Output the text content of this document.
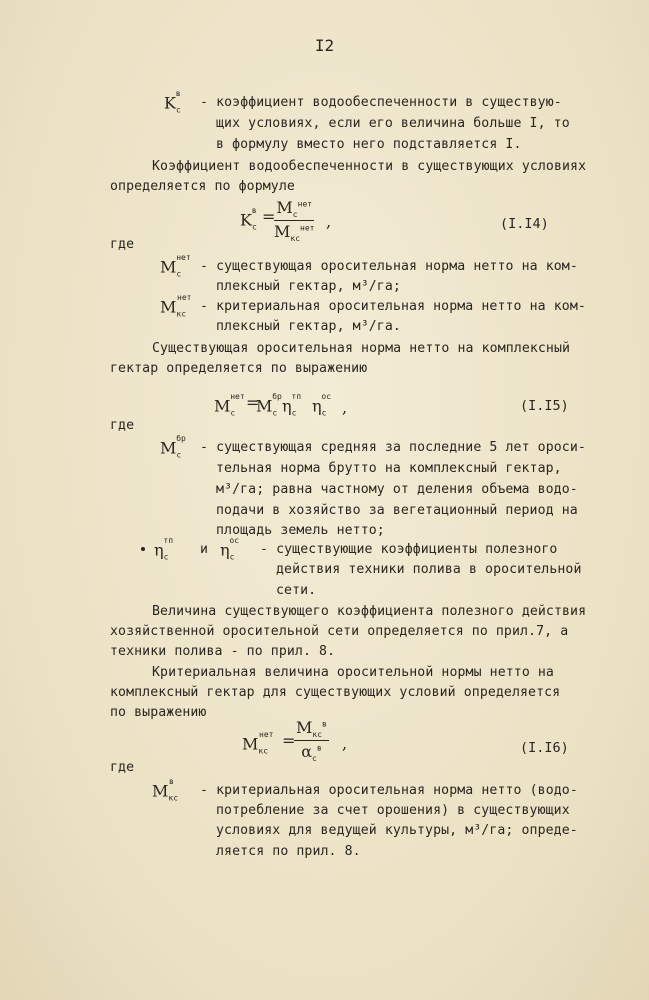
I2
$K_c^в$
- коэффициент водообеспеченности в существую-
щих условиях, если его величина больше I, то
в формулу вместо него подставляется I.
Коэффициент водообеспеченности в существующих условиях
определяется по формуле
$K_c^в = M_c^{нет}$
$M_{кс}^{нет}$ ,	(I.I4)
где
$M_c^{нет}$
- существующая оросительная норма нетто на ком-
плексный гектар, м³/га;
$M_{кс}^{нет}$
- критериальная оросительная норма нетто на ком-
плексный гектар, м³/га.
Существующая оросительная норма нетто на комплексный
гектар определяется по выражению
$M_c^{нет}$ =
$M_c^{бр}$ $\eta_c^{тп}$ $\eta_c^{ос}$
,	(I.I5)
где
$M_c^{бр}$
- существующая средняя за последние 5 лет ороси-
тельная норма брутто на комплексный гектар,
м³/га; равна частному от деления объема водо-
подачи в хозяйство за вегетационный период на
площадь земель нетто;
$\eta_c^{тп}$
и $\eta_c^{ос}$
- существующие коэффициенты полезного
действия техники полива в оросительной
сети.
Величина существующего коэффициента полезного действия
хозяйственной оросительной сети определяется по прил.7, а
техники полива - по прил. 8.
Критериальная величина оросительной нормы нетто на
комплексный гектар для существующих условий определяется
по выражению
$M_{кс}^{нет}$ =
$M_{кс}^в$
$\alpha_c^в$	,	(I.I6)
где
$M_{кс}^в$
- критериальная оросительная норма нетто (водо-
потребление за счет орошения) в существующих
условиях для ведущей культуры, м³/га; опреде-
ляется по прил. 8.
